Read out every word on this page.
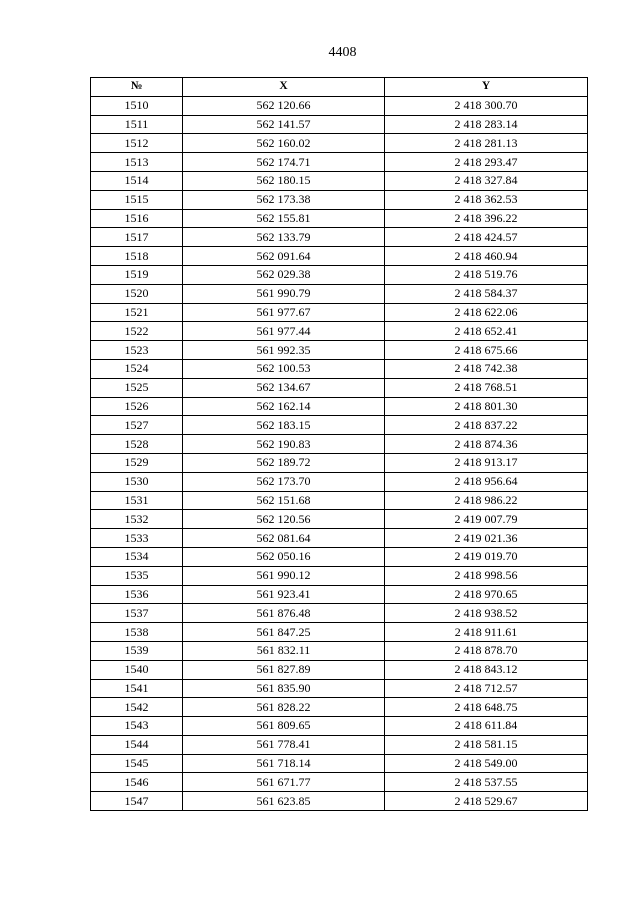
4408
№	X	Y
1510	562 120.66	2 418 300.70
1511	562 141.57	2 418 283.14
1512	562 160.02	2 418 281.13
1513	562 174.71	2 418 293.47
1514	562 180.15	2 418 327.84
1515	562 173.38	2 418 362.53
1516	562 155.81	2 418 396.22
1517	562 133.79	2 418 424.57
1518	562 091.64	2 418 460.94
1519	562 029.38	2 418 519.76
1520	561 990.79	2 418 584.37
1521	561 977.67	2 418 622.06
1522	561 977.44	2 418 652.41
1523	561 992.35	2 418 675.66
1524	562 100.53	2 418 742.38
1525	562 134.67	2 418 768.51
1526	562 162.14	2 418 801.30
1527	562 183.15	2 418 837.22
1528	562 190.83	2 418 874.36
1529	562 189.72	2 418 913.17
1530	562 173.70	2 418 956.64
1531	562 151.68	2 418 986.22
1532	562 120.56	2 419 007.79
1533	562 081.64	2 419 021.36
1534	562 050.16	2 419 019.70
1535	561 990.12	2 418 998.56
1536	561 923.41	2 418 970.65
1537	561 876.48	2 418 938.52
1538	561 847.25	2 418 911.61
1539	561 832.11	2 418 878.70
1540	561 827.89	2 418 843.12
1541	561 835.90	2 418 712.57
1542	561 828.22	2 418 648.75
1543	561 809.65	2 418 611.84
1544	561 778.41	2 418 581.15
1545	561 718.14	2 418 549.00
1546	561 671.77	2 418 537.55
1547	561 623.85	2 418 529.67
